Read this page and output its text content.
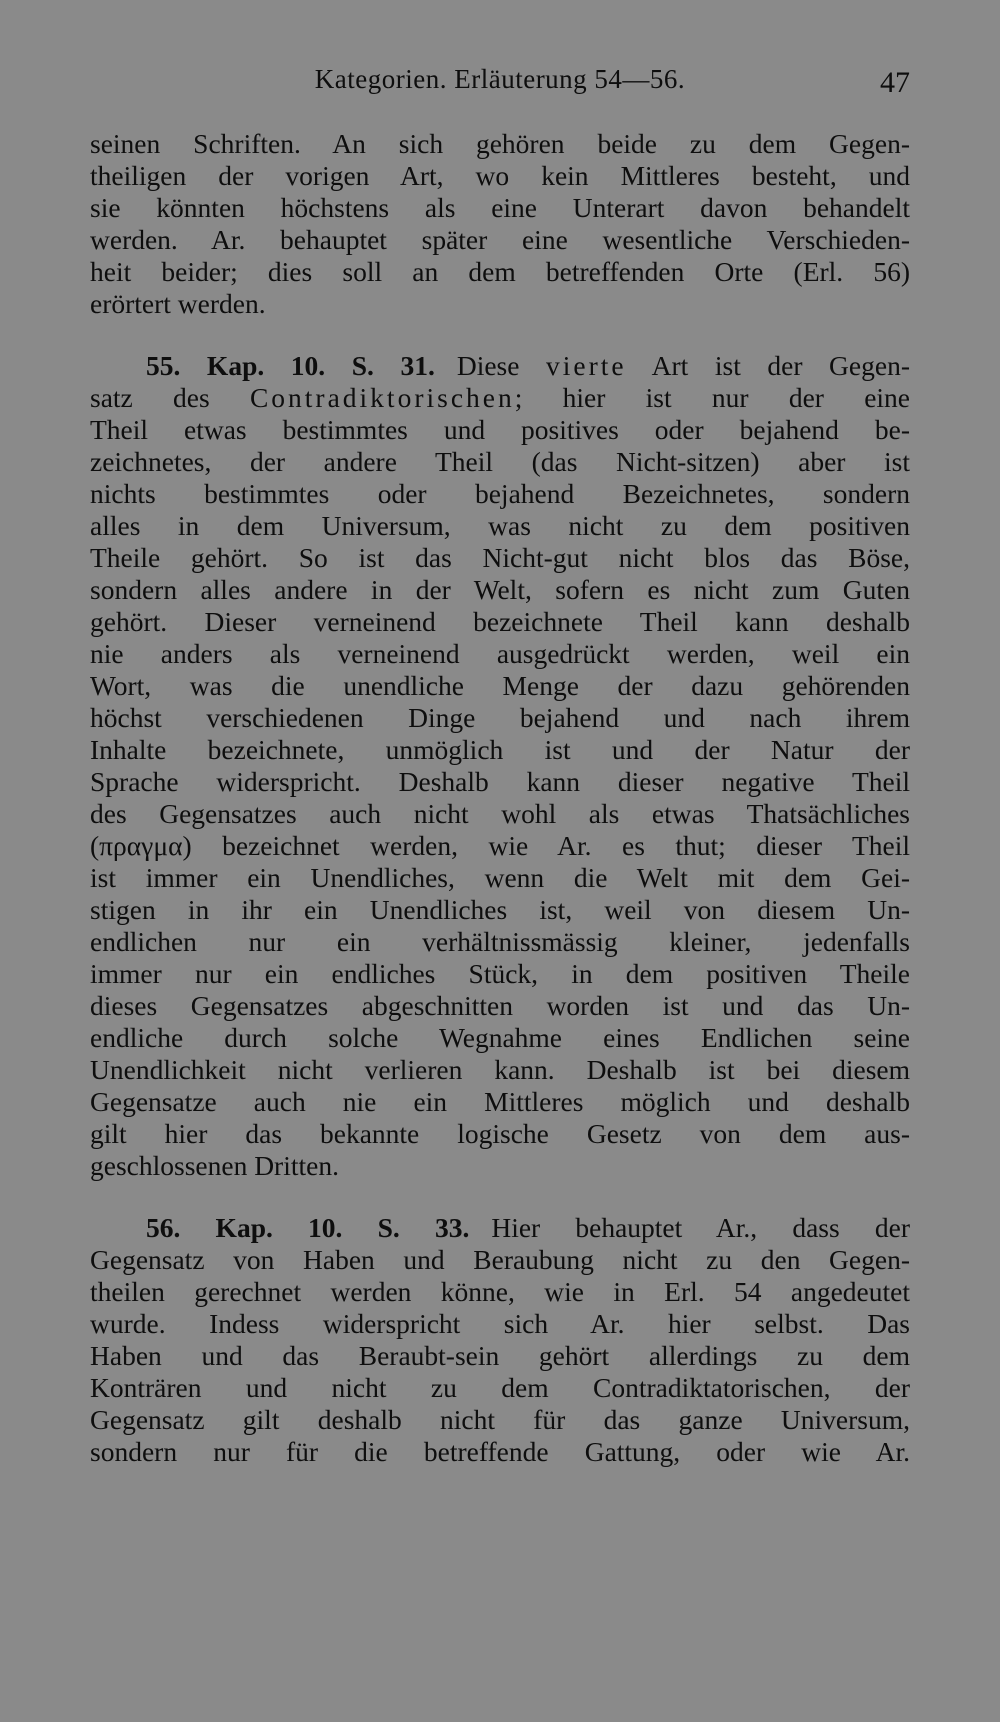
Kategorien. Erläuterung 54—56.	47
seinen Schriften. An sich gehören beide zu dem Gegen-
theiligen der vorigen Art, wo kein Mittleres besteht, und
sie könnten höchstens als eine Unterart davon behandelt
werden. Ar. behauptet später eine wesentliche Verschieden-
heit beider; dies soll an dem betreffenden Orte (Erl. 56)
erörtert werden.
55. Kap. 10. S. 31. Diese vierte Art ist der Gegen-
satz des Contradiktorischen; hier ist nur der eine
Theil etwas bestimmtes und positives oder bejahend be-
zeichnetes, der andere Theil (das Nicht-sitzen) aber ist
nichts bestimmtes oder bejahend Bezeichnetes, sondern
alles in dem Universum, was nicht zu dem positiven
Theile gehört. So ist das Nicht-gut nicht blos das Böse,
sondern alles andere in der Welt, sofern es nicht zum Guten
gehört. Dieser verneinend bezeichnete Theil kann deshalb
nie anders als verneinend ausgedrückt werden, weil ein
Wort, was die unendliche Menge der dazu gehörenden
höchst verschiedenen Dinge bejahend und nach ihrem
Inhalte bezeichnete, unmöglich ist und der Natur der
Sprache widerspricht. Deshalb kann dieser negative Theil
des Gegensatzes auch nicht wohl als etwas Thatsächliches
(πραγμα) bezeichnet werden, wie Ar. es thut; dieser Theil
ist immer ein Unendliches, wenn die Welt mit dem Gei-
stigen in ihr ein Unendliches ist, weil von diesem Un-
endlichen nur ein verhältnissmässig kleiner, jedenfalls
immer nur ein endliches Stück, in dem positiven Theile
dieses Gegensatzes abgeschnitten worden ist und das Un-
endliche durch solche Wegnahme eines Endlichen seine
Unendlichkeit nicht verlieren kann. Deshalb ist bei diesem
Gegensatze auch nie ein Mittleres möglich und deshalb
gilt hier das bekannte logische Gesetz von dem aus-
geschlossenen Dritten.
56. Kap. 10. S. 33. Hier behauptet Ar., dass der
Gegensatz von Haben und Beraubung nicht zu den Gegen-
theilen gerechnet werden könne, wie in Erl. 54 angedeutet
wurde. Indess widerspricht sich Ar. hier selbst. Das
Haben und das Beraubt-sein gehört allerdings zu dem
Konträren und nicht zu dem Contradiktatorischen, der
Gegensatz gilt deshalb nicht für das ganze Universum,
sondern nur für die betreffende Gattung, oder wie Ar.
